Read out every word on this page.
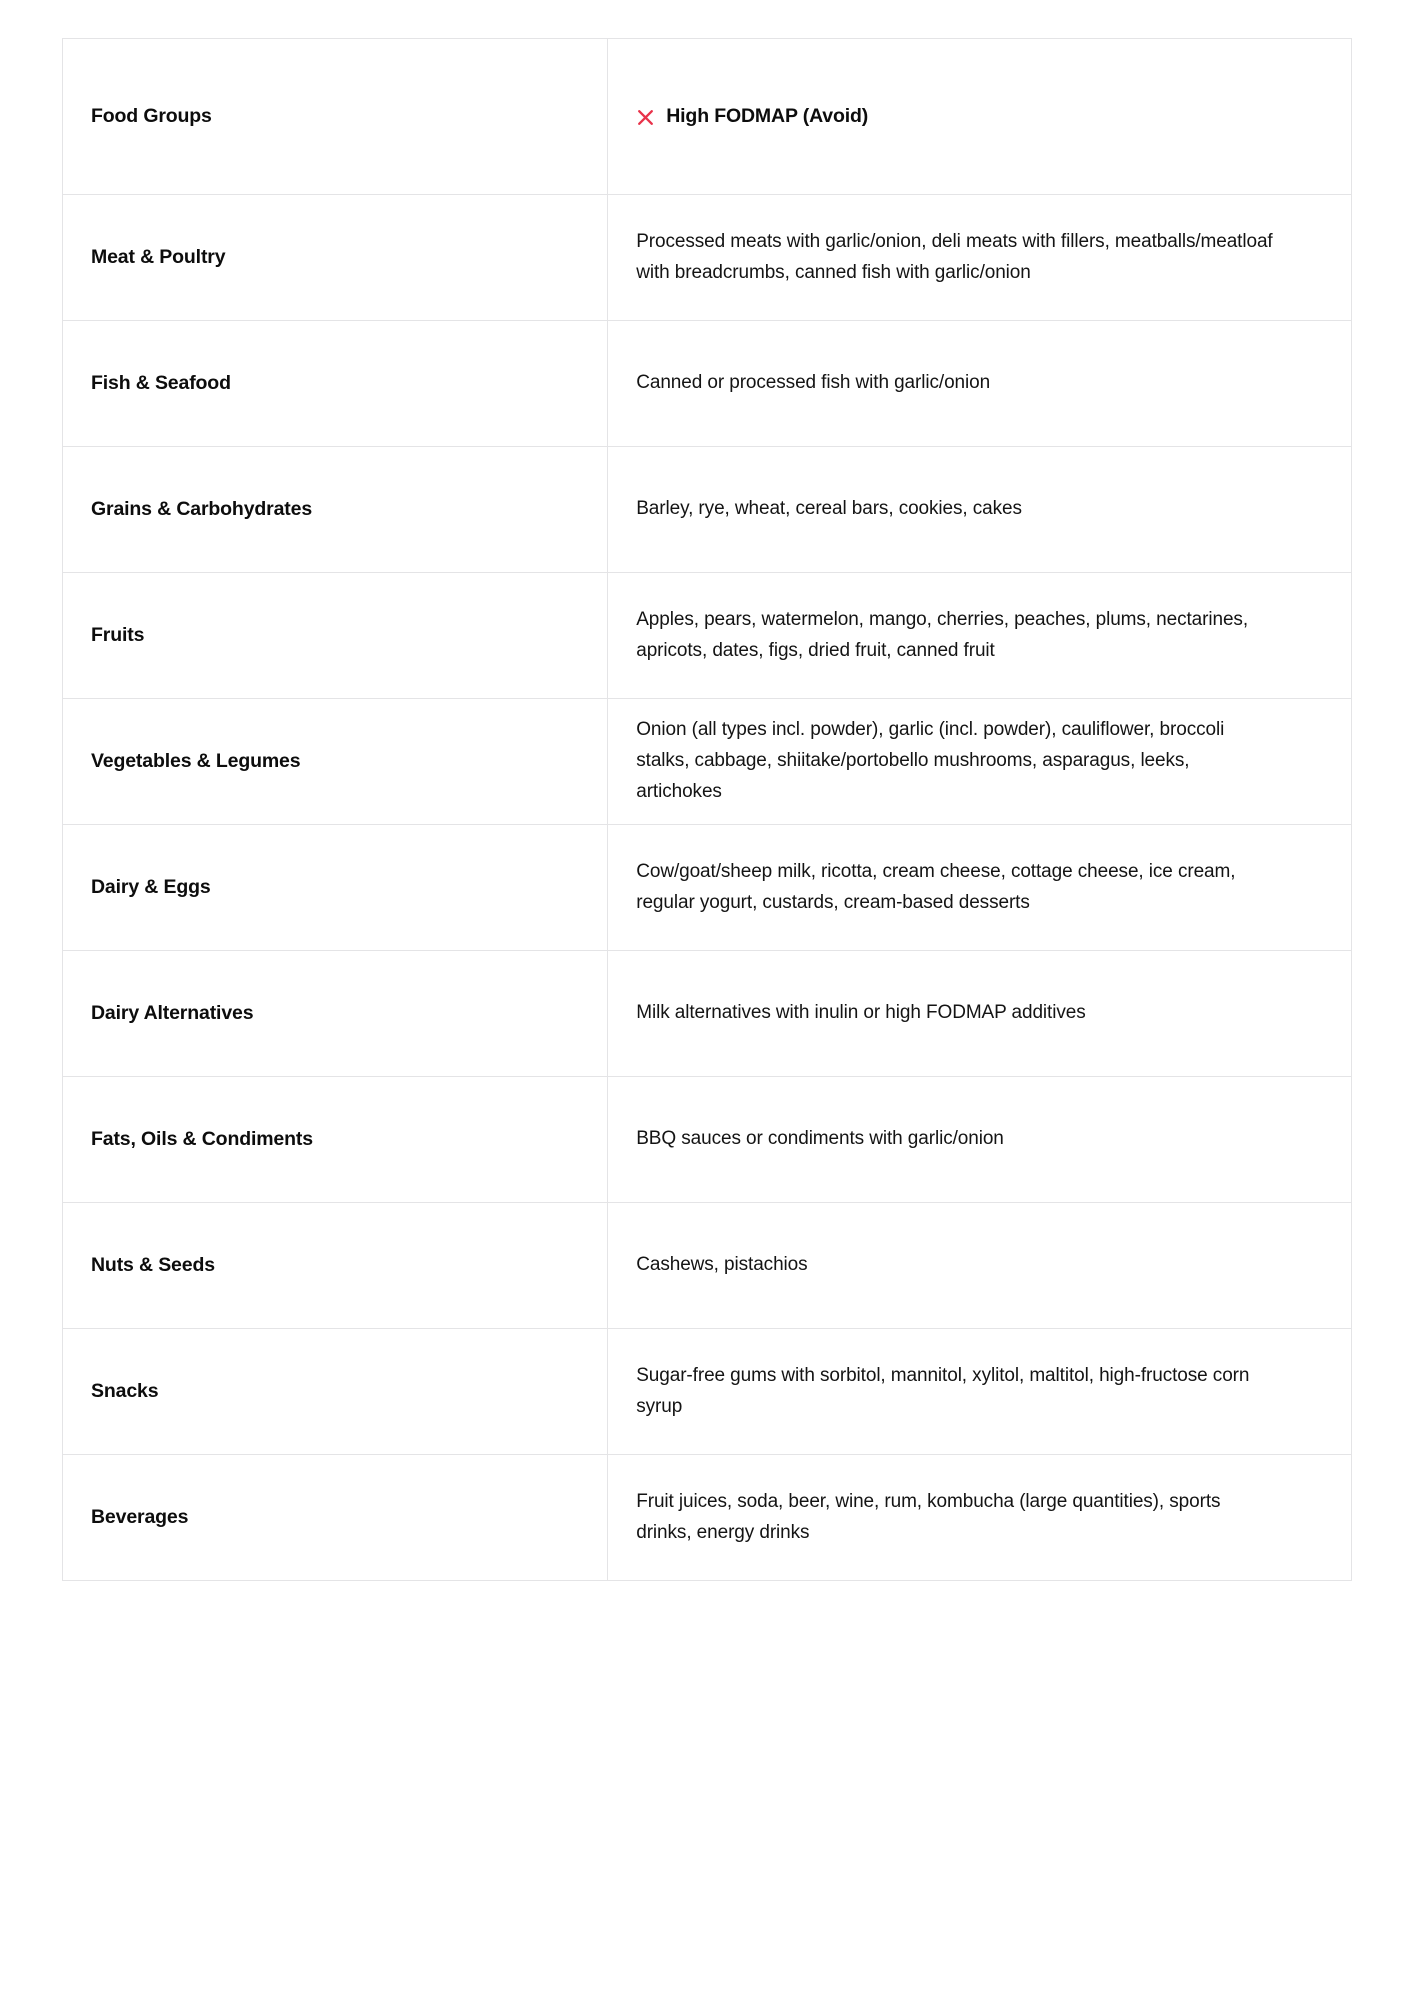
Food Groups	High FODMAP (Avoid)

Meat & Poultry	Processed meats with garlic/onion, deli meats with fillers, meatballs/meatloaf with breadcrumbs, canned fish with garlic/onion

Fish & Seafood	Canned or processed fish with garlic/onion

Grains & Carbohydrates	Barley, rye, wheat, cereal bars, cookies, cakes

Fruits	Apples, pears, watermelon, mango, cherries, peaches, plums, nectarines, apricots, dates, figs, dried fruit, canned fruit

Vegetables & Legumes	Onion (all types incl. powder), garlic (incl. powder), cauliflower, broccoli stalks, cabbage, shiitake/portobello mushrooms, asparagus, leeks, artichokes

Dairy & Eggs	Cow/goat/sheep milk, ricotta, cream cheese, cottage cheese, ice cream, regular yogurt, custards, cream-based desserts

Dairy Alternatives	Milk alternatives with inulin or high FODMAP additives

Fats, Oils & Condiments	BBQ sauces or condiments with garlic/onion

Nuts & Seeds	Cashews, pistachios

Snacks	Sugar-free gums with sorbitol, mannitol, xylitol, maltitol, high-fructose corn syrup

Beverages	Fruit juices, soda, beer, wine, rum, kombucha (large quantities), sports drinks, energy drinks
